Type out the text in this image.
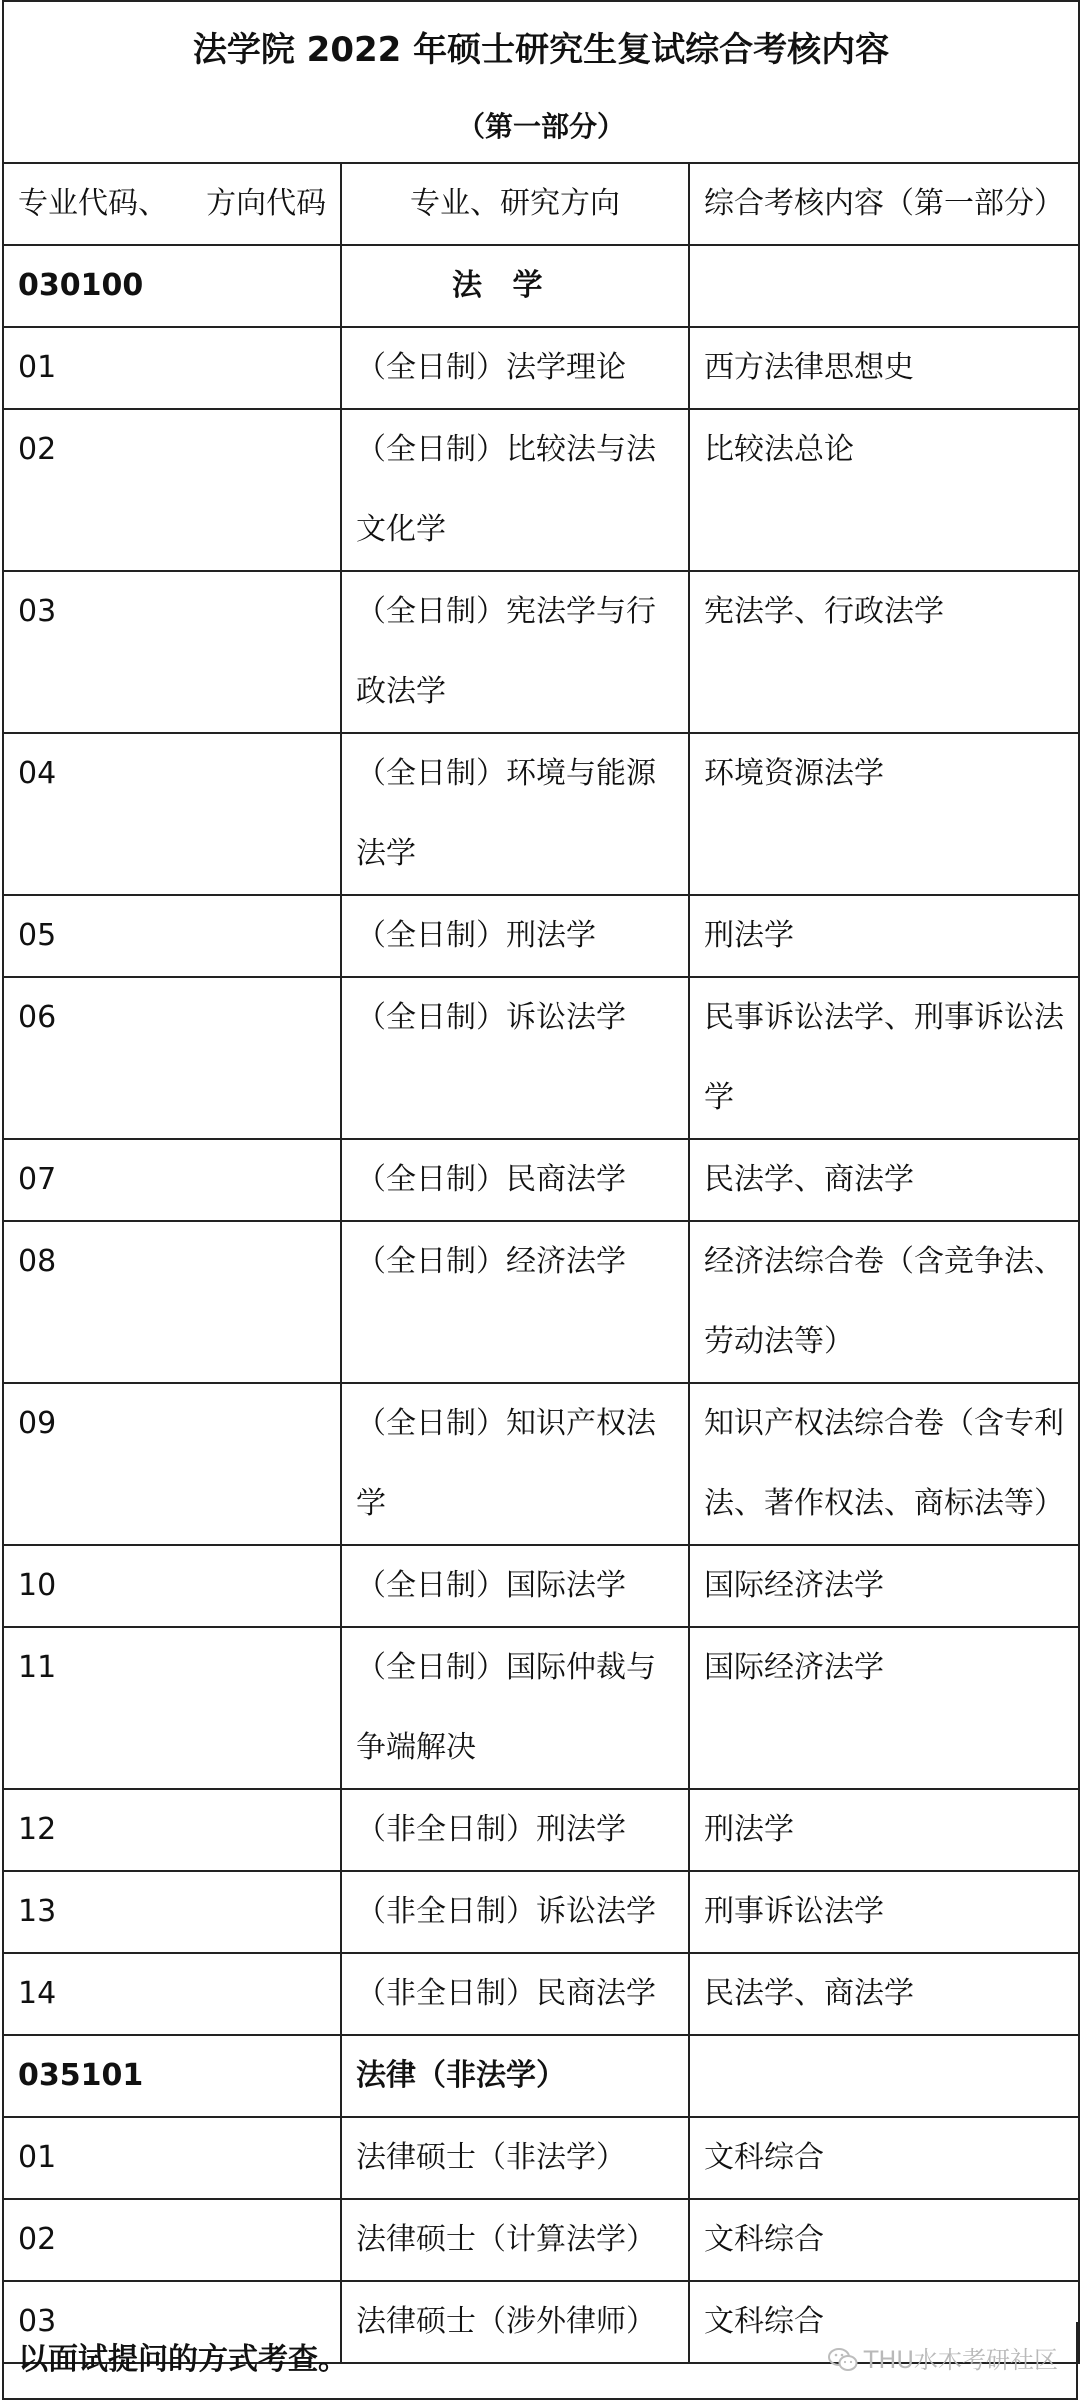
法学院 2022 年硕士研究生复试综合考核内容
（第一部分）		

专业代码、    方向代码	专业、研究方向	综合考核内容（第一部分）
030100	法 学	
01	（全日制）法学理论	西方法律思想史
02	（全日制）比较法与法文化学	比较法总论
03	（全日制）宪法学与行政法学	宪法学、行政法学
04	（全日制）环境与能源法学	环境资源法学
05	（全日制）刑法学	刑法学
06	（全日制）诉讼法学	民事诉讼法学、刑事诉讼法学
07	（全日制）民商法学	民法学、商法学
08	（全日制）经济法学	经济法综合卷（含竞争法、劳动法等）
09	（全日制）知识产权法学	知识产权法综合卷（含专利法、著作权法、商标法等）
10	（全日制）国际法学	国际经济法学
11	（全日制）国际仲裁与争端解决	国际经济法学
12	（非全日制）刑法学	刑法学
13	（非全日制）诉讼法学	刑事诉讼法学
14	（非全日制）民商法学	民法学、商法学
035101	法律（非法学）	
01	法律硕士（非法学）	文科综合
02	法律硕士（计算法学）	文科综合
03	法律硕士（涉外律师）	文科综合
以面试提问的方式考查。	THU水木考研社区
